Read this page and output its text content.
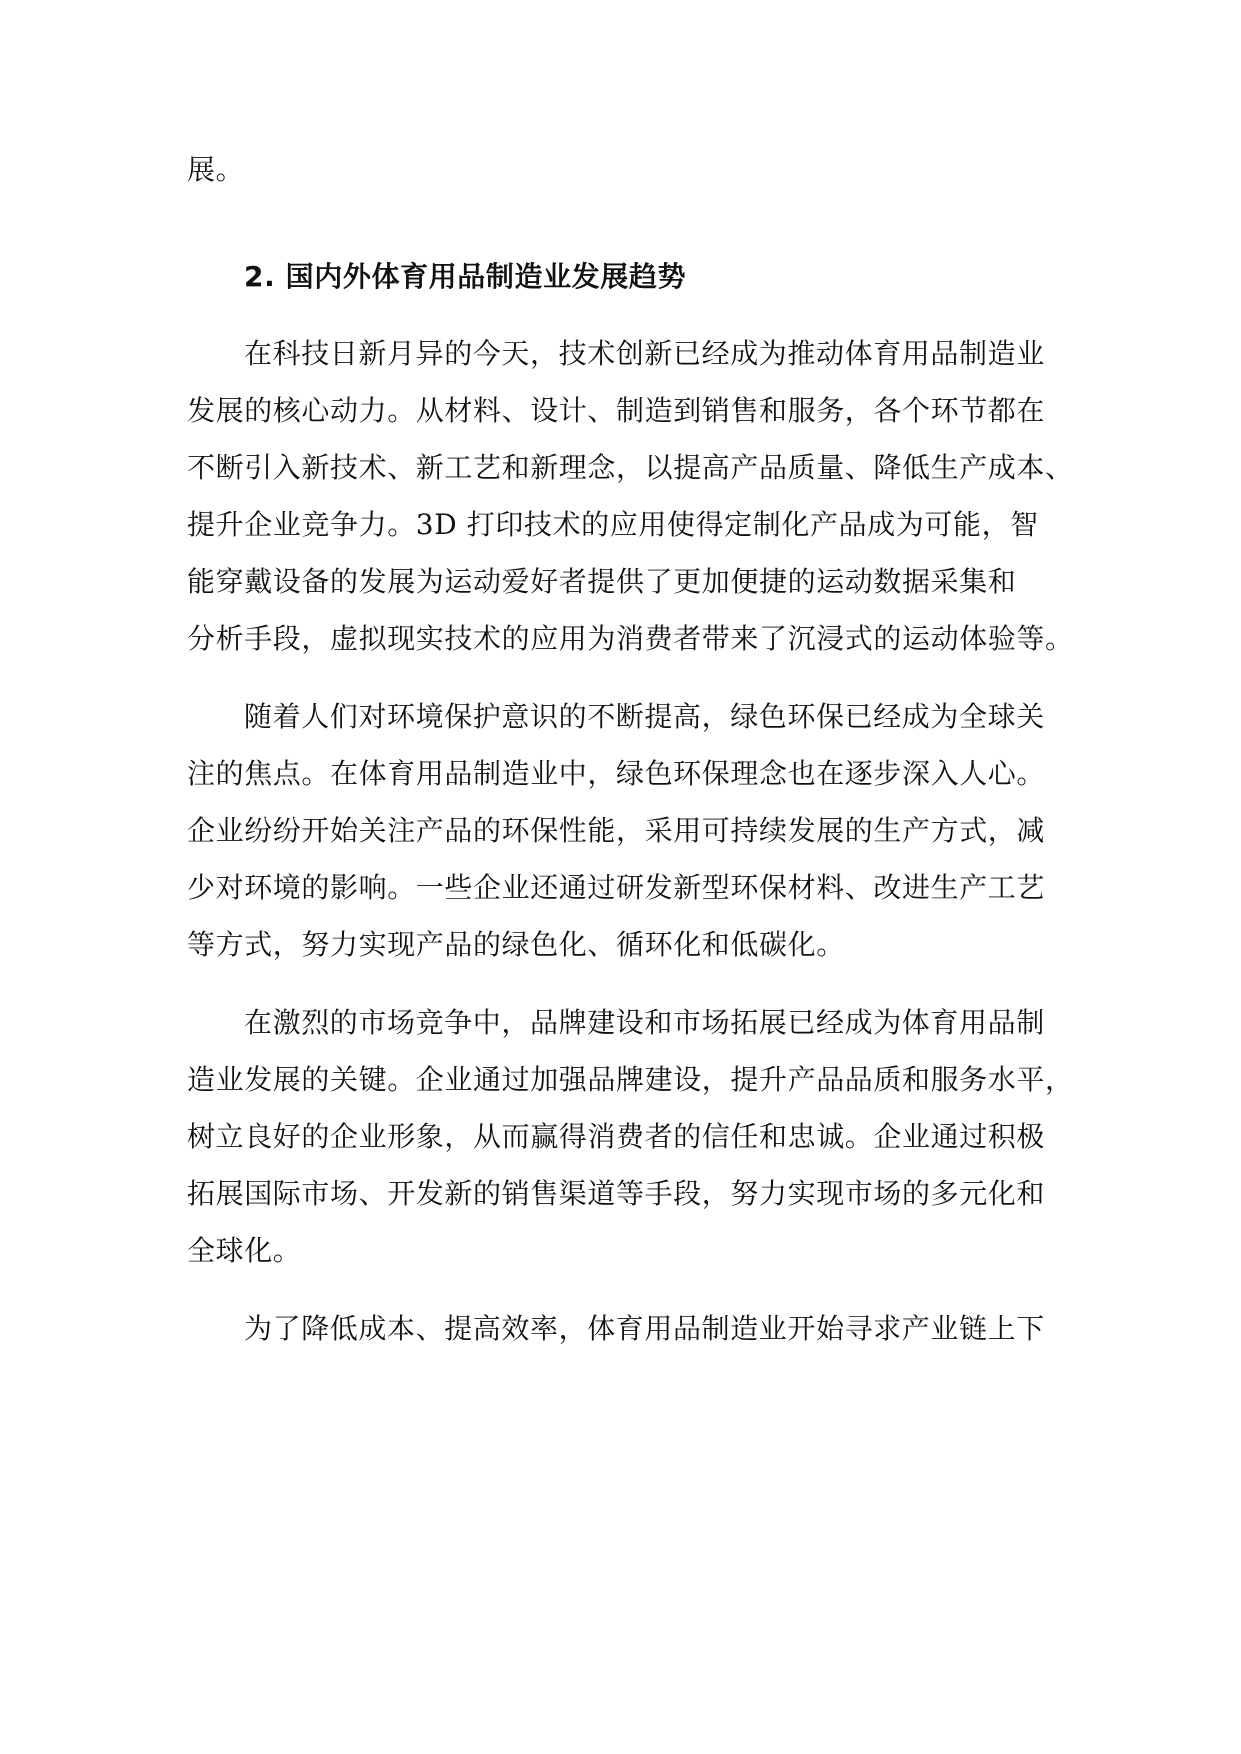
展。
2. 国内外体育用品制造业发展趋势
在科技日新月异的今天，技术创新已经成为推动体育用品制造业
发展的核心动力。从材料、设计、制造到销售和服务，各个环节都在
不断引入新技术、新工艺和新理念，以提高产品质量、降低生产成本、
提升企业竞争力。3D 打印技术的应用使得定制化产品成为可能，智
能穿戴设备的发展为运动爱好者提供了更加便捷的运动数据采集和
分析手段，虚拟现实技术的应用为消费者带来了沉浸式的运动体验等。
随着人们对环境保护意识的不断提高，绿色环保已经成为全球关
注的焦点。在体育用品制造业中，绿色环保理念也在逐步深入人心。
企业纷纷开始关注产品的环保性能，采用可持续发展的生产方式，减
少对环境的影响。一些企业还通过研发新型环保材料、改进生产工艺
等方式，努力实现产品的绿色化、循环化和低碳化。
在激烈的市场竞争中，品牌建设和市场拓展已经成为体育用品制
造业发展的关键。企业通过加强品牌建设，提升产品品质和服务水平，
树立良好的企业形象，从而赢得消费者的信任和忠诚。企业通过积极
拓展国际市场、开发新的销售渠道等手段，努力实现市场的多元化和
全球化。
为了降低成本、提高效率，体育用品制造业开始寻求产业链上下
